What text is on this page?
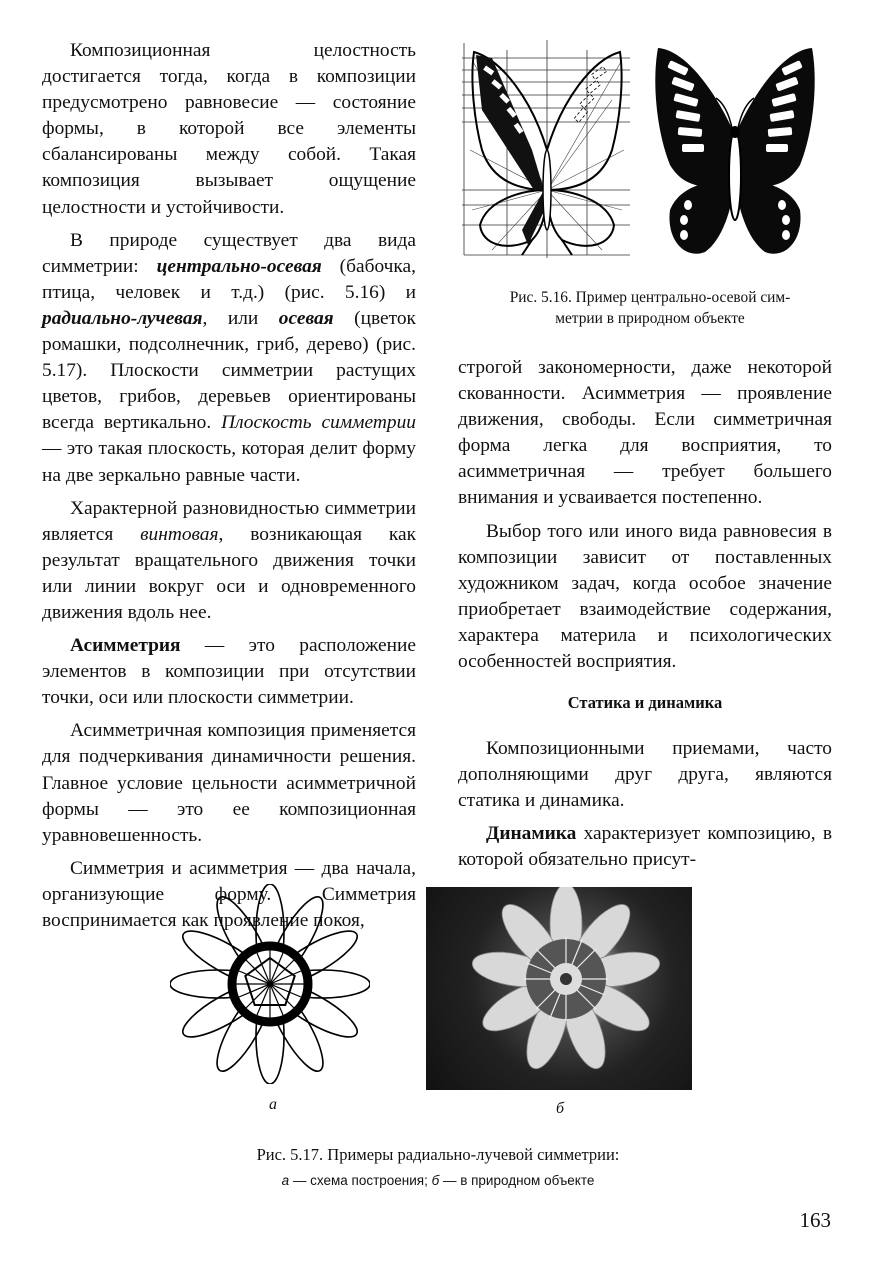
Композиционная целостность достигается тогда, когда в композиции предусмотрено равновесие — состояние формы, в которой все элементы сбалансированы между собой. Такая композиция вызывает ощущение целостности и устойчивости.

В природе существует два вида симметрии: центрально-осевая (бабочка, птица, человек и т.д.) (рис. 5.16) и радиально-лучевая, или осевая (цветок ромашки, подсолнечник, гриб, дерево) (рис. 5.17). Плоскости симметрии растущих цветов, грибов, деревьев ориентированы всегда вертикально. Плоскость симметрии — это такая плоскость, которая делит форму на две зеркально равные части.

Характерной разновидностью симметрии является винтовая, возникающая как результат вращательного движения точки или линии вокруг оси и одновременного движения вдоль нее.

Асимметрия — это расположение элементов в композиции при отсутствии точки, оси или плоскости симметрии.

Асимметричная композиция применяется для подчеркивания динамичности решения. Главное условие цельности асимметричной формы — это ее композиционная уравновешенность.

Симметрия и асимметрия — два начала, организующие форму. Симметрия воспринимается как проявление покоя,

Рис. 5.16. Пример центрально-осевой сим-
метрии в природном объекте

строгой закономерности, даже некоторой скованности. Асимметрия — проявление движения, свободы. Если симметричная форма легка для восприятия, то асимметричная — требует большего внимания и усваивается постепенно.

Выбор того или иного вида равновесия в композиции зависит от поставленных художником задач, когда особое значение приобретает взаимодействие содержания, характера материла и психологических особенностей восприятия.

Статика и динамика

Композиционными приемами, часто дополняющими друг друга, являются статика и динамика.

Динамика характеризует композицию, в которой обязательно присут-

а	б
Рис. 5.17. Примеры радиально-лучевой симметрии:
а — схема построения; б — в природном объекте
163
